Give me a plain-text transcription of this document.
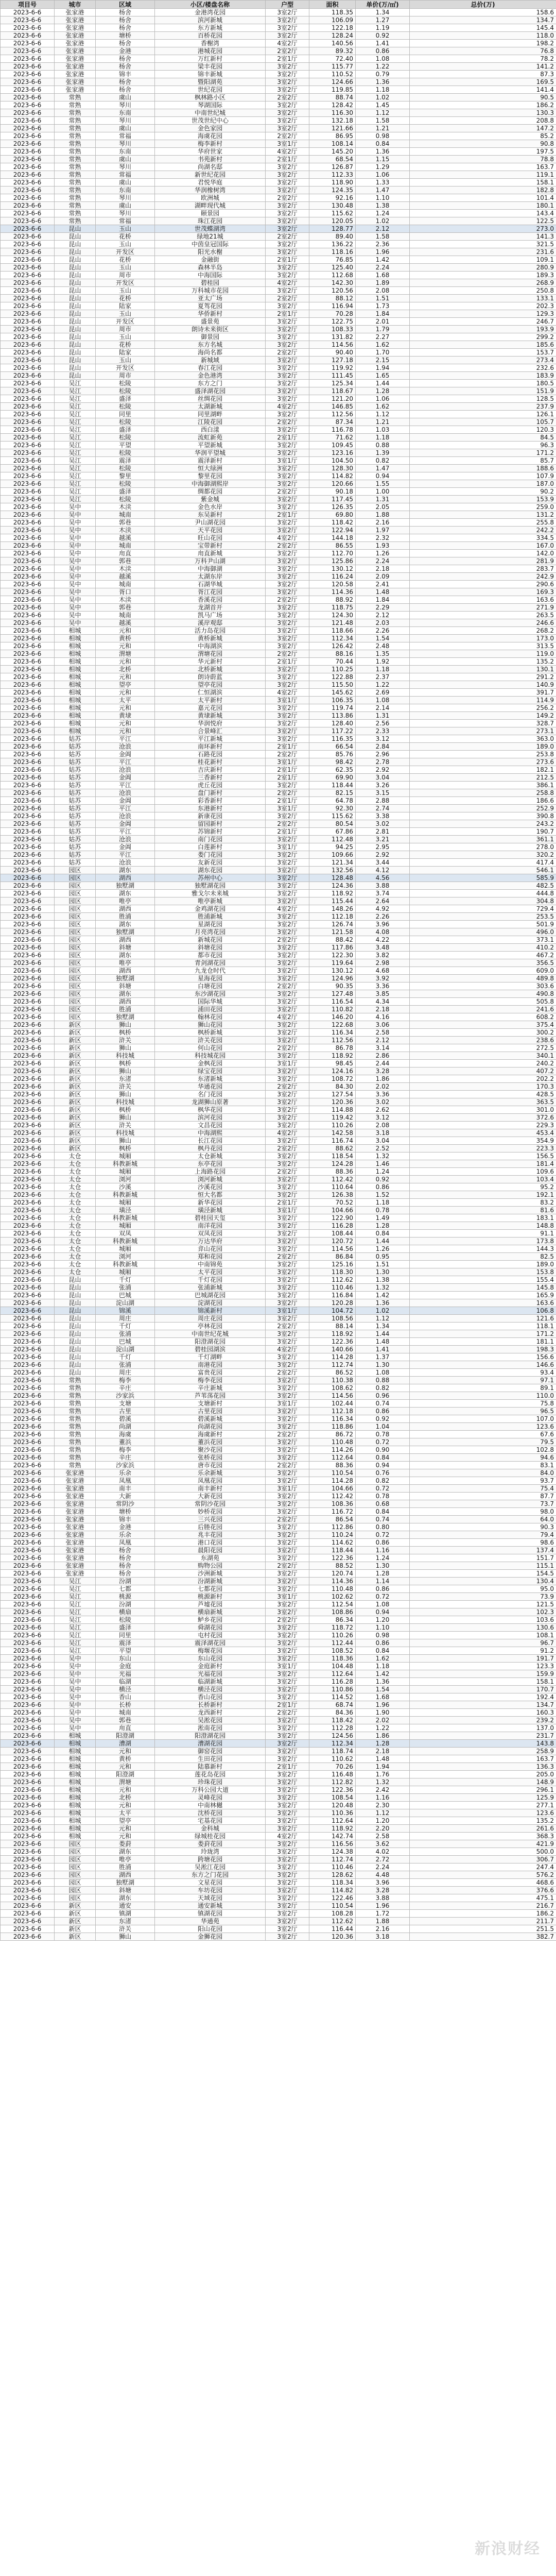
项目号	城市	区域	小区/楼盘名称	户型	面积	单价(万/㎡)	总价(万)
2023-6-6	张家港	杨舍	金港湾花园	3室2厅	118.35	1.34	158.6
2023-6-6	张家港	杨舍	滨河新城	3室2厅	106.09	1.27	134.7
2023-6-6	张家港	杨舍	东方新城	3室2厅	122.18	1.19	145.4
2023-6-6	张家港	塘桥	百桥花园	3室2厅	128.24	0.92	118.0
2023-6-6	张家港	杨舍	香榭湾	4室2厅	140.56	1.41	198.2
2023-6-6	张家港	金港	港城花园	2室2厅	89.32	0.86	76.8
2023-6-6	张家港	杨舍	万红新村	2室1厅	72.40	1.08	78.2
2023-6-6	张家港	杨舍	梁丰花园	3室2厅	115.77	1.22	141.2
2023-6-6	张家港	锦丰	锦丰新城	3室2厅	110.52	0.79	87.3
2023-6-6	张家港	杨舍	暨阳湖苑	3室2厅	124.66	1.36	169.5
2023-6-6	张家港	杨舍	世纪花园	3室2厅	119.85	1.18	141.4
2023-6-6	常熟	虞山	枫林路小区	2室2厅	88.74	1.02	90.5
2023-6-6	常熟	琴川	琴湖国际	3室2厅	128.42	1.45	186.2
2023-6-6	常熟	东南	中南世纪城	3室2厅	116.30	1.12	130.3
2023-6-6	常熟	琴川	世茂世纪中心	3室2厅	132.18	1.58	208.8
2023-6-6	常熟	虞山	金色家园	3室2厅	121.66	1.21	147.2
2023-6-6	常熟	常福	海虞花园	2室2厅	86.95	0.98	85.2
2023-6-6	常熟	琴川	梅李新村	3室1厅	108.14	0.84	90.8
2023-6-6	常熟	东南	华府世家	4室2厅	145.20	1.36	197.5
2023-6-6	常熟	虞山	书苑新村	2室1厅	68.54	1.15	78.8
2023-6-6	常熟	琴川	尚湖名邸	3室2厅	126.87	1.29	163.7
2023-6-6	常熟	常福	新世纪花园	3室2厅	112.33	1.06	119.1
2023-6-6	常熟	虞山	君悦华庭	3室2厅	118.90	1.33	158.1
2023-6-6	常熟	东南	华润橡树湾	3室2厅	124.35	1.47	182.8
2023-6-6	常熟	琴川	欧洲城	2室2厅	92.16	1.10	101.4
2023-6-6	常熟	虞山	湖畔现代城	3室2厅	130.48	1.38	180.1
2023-6-6	常熟	琴川	颐景园	3室2厅	115.62	1.24	143.4
2023-6-6	常熟	常福	珠江花园	3室2厅	120.05	1.02	122.5
2023-6-6	昆山	玉山	世茂蝶湖湾	3室2厅	128.77	2.12	273.0
2023-6-6	昆山	花桥	绿地21城	2室2厅	89.40	1.58	141.3
2023-6-6	昆山	玉山	中茵皇冠国际	3室2厅	136.22	2.36	321.5
2023-6-6	昆山	开发区	阳光水榭	3室2厅	118.16	1.96	231.6
2023-6-6	昆山	花桥	金融街	2室1厅	76.85	1.42	109.1
2023-6-6	昆山	玉山	森林半岛	3室2厅	125.40	2.24	280.9
2023-6-6	昆山	周市	中海国际	3室2厅	112.68	1.68	189.3
2023-6-6	昆山	开发区	碧桂园	4室2厅	142.30	1.89	268.9
2023-6-6	昆山	玉山	万科城市花园	3室2厅	120.56	2.08	250.8
2023-6-6	昆山	花桥	亚太广场	2室2厅	88.12	1.51	133.1
2023-6-6	昆山	陆家	夏驾花园	3室2厅	116.94	1.73	202.3
2023-6-6	昆山	玉山	华侨新村	2室1厅	70.28	1.84	129.3
2023-6-6	昆山	开发区	盛景苑	3室2厅	122.75	2.01	246.7
2023-6-6	昆山	周市	朗诗未来街区	3室2厅	108.33	1.79	193.9
2023-6-6	昆山	玉山	御景园	3室2厅	131.82	2.27	299.2
2023-6-6	昆山	花桥	东方名城	3室2厅	114.56	1.62	185.6
2023-6-6	昆山	陆家	海尚名都	2室2厅	90.40	1.70	153.7
2023-6-6	昆山	玉山	新城域	3室2厅	127.18	2.15	273.4
2023-6-6	昆山	开发区	春江花园	3室2厅	119.92	1.94	232.6
2023-6-6	昆山	周市	金色港湾	3室2厅	111.45	1.65	183.9
2023-6-6	吴江	松陵	东方之门	3室2厅	125.34	1.44	180.5
2023-6-6	吴江	松陵	盛泽湖花园	3室2厅	118.67	1.28	151.9
2023-6-6	吴江	盛泽	丝绸花园	3室2厅	121.20	1.06	128.5
2023-6-6	吴江	松陵	太湖新城	4室2厅	146.85	1.62	237.9
2023-6-6	吴江	同里	同里湖畔	3室2厅	112.56	1.12	126.1
2023-6-6	吴江	松陵	江陵花园	2室2厅	87.34	1.21	105.7
2023-6-6	吴江	盛泽	西白漾	3室2厅	116.78	1.03	120.3
2023-6-6	吴江	松陵	流虹新苑	2室1厅	71.62	1.18	84.5
2023-6-6	吴江	平望	平望新城	3室2厅	109.45	0.88	96.3
2023-6-6	吴江	松陵	华润平望城	3室2厅	123.16	1.39	171.2
2023-6-6	吴江	震泽	震泽新村	3室1厅	104.50	0.82	85.7
2023-6-6	吴江	松陵	恒大绿洲	3室2厅	128.30	1.47	188.6
2023-6-6	吴江	黎里	黎里花园	3室2厅	114.82	0.94	107.9
2023-6-6	吴江	松陵	中海御湖熙岸	3室2厅	120.66	1.55	187.0
2023-6-6	吴江	盛泽	绸都花园	2室2厅	90.18	1.00	90.2
2023-6-6	吴江	松陵	紫金城	3室2厅	117.45	1.31	153.9
2023-6-6	吴中	木渎	金色水岸	3室2厅	126.35	2.05	259.0
2023-6-6	吴中	城南	东吴新村	2室1厅	69.80	1.88	131.2
2023-6-6	吴中	郭巷	尹山湖花园	3室2厅	118.42	2.16	255.8
2023-6-6	吴中	木渎	天平花园	3室2厅	122.94	1.97	242.2
2023-6-6	吴中	越溪	旺山花园	4室2厅	144.18	2.32	334.5
2023-6-6	吴中	城南	宝带新村	2室2厅	86.55	1.93	167.0
2023-6-6	吴中	甪直	甪直新城	3室2厅	112.70	1.26	142.0
2023-6-6	吴中	郭巷	万科尹山湖	3室2厅	125.86	2.24	281.9
2023-6-6	吴中	木渎	中海御湖	3室2厅	130.12	2.18	283.7
2023-6-6	吴中	越溪	太湖东岸	3室2厅	116.24	2.09	242.9
2023-6-6	吴中	城南	石湖华城	3室2厅	120.58	2.41	290.6
2023-6-6	吴中	胥口	胥江花园	3室2厅	114.36	1.48	169.3
2023-6-6	吴中	木渎	香溪花园	2室2厅	88.92	1.84	163.6
2023-6-6	吴中	郭巷	龙湖首开	3室2厅	118.75	2.29	271.9
2023-6-6	吴中	城南	凯马广场	3室2厅	124.30	2.12	263.5
2023-6-6	吴中	越溪	溪岸观邸	3室2厅	121.48	2.03	246.6
2023-6-6	相城	元和	活力岛花园	3室2厅	118.66	2.26	268.2
2023-6-6	相城	黄桥	黄桥新城	3室2厅	112.34	1.54	173.0
2023-6-6	相城	元和	中海湖滨	3室2厅	126.42	2.48	313.5
2023-6-6	相城	渭塘	渭塘花园	2室2厅	88.16	1.35	119.0
2023-6-6	相城	元和	华元新村	2室1厅	70.44	1.92	135.2
2023-6-6	相城	北桥	北桥新城	3室2厅	110.25	1.18	130.1
2023-6-6	相城	元和	朗诗蔚蓝	3室2厅	122.88	2.37	291.2
2023-6-6	相城	望亭	望亭花园	3室2厅	115.50	1.22	140.9
2023-6-6	相城	元和	仁恒湖滨	4室2厅	145.62	2.69	391.7
2023-6-6	相城	太平	太平新村	3室1厅	106.35	1.08	114.9
2023-6-6	相城	元和	嘉元花园	3室2厅	119.74	2.14	256.2
2023-6-6	相城	黄埭	黄埭新城	3室2厅	113.86	1.31	149.2
2023-6-6	相城	元和	华润悦府	3室2厅	128.40	2.56	328.7
2023-6-6	相城	元和	合景峰汇	3室2厅	117.22	2.33	273.1
2023-6-6	姑苏	平江	平江新城	3室2厅	116.35	3.12	363.0
2023-6-6	姑苏	沧浪	南环新村	2室1厅	66.54	2.84	189.0
2023-6-6	姑苏	金阊	石路花园	2室2厅	85.76	2.96	253.8
2023-6-6	姑苏	平江	桂花新村	3室1厅	98.42	2.78	273.6
2023-6-6	姑苏	沧浪	吉庆新村	2室1厅	62.35	2.92	182.1
2023-6-6	姑苏	金阊	三香新村	2室1厅	69.90	3.04	212.5
2023-6-6	姑苏	平江	虎丘花园	3室2厅	118.44	3.26	386.1
2023-6-6	姑苏	沧浪	盘门新村	2室2厅	82.15	3.15	258.8
2023-6-6	姑苏	金阊	彩香新村	2室1厅	64.78	2.88	186.6
2023-6-6	姑苏	平江	东港新村	3室1厅	92.30	2.74	252.9
2023-6-6	姑苏	沧浪	新康花园	3室2厅	115.62	3.38	390.8
2023-6-6	姑苏	金阊	留园新村	2室2厅	80.54	3.02	243.2
2023-6-6	姑苏	平江	苏锦新村	2室1厅	67.86	2.81	190.7
2023-6-6	姑苏	沧浪	南门花园	3室2厅	112.48	3.21	361.1
2023-6-6	姑苏	金阊	白莲新村	3室1厅	94.25	2.95	278.0
2023-6-6	姑苏	平江	娄门花园	3室2厅	109.66	2.92	320.2
2023-6-6	姑苏	沧浪	友新花园	3室2厅	121.34	3.44	417.4
2023-6-6	园区	湖东	湖东花园	3室2厅	132.56	4.12	546.1
2023-6-6	园区	湖西	苏州中心	3室2厅	128.48	4.56	585.9
2023-6-6	园区	独墅湖	独墅湖花园	3室2厅	124.36	3.88	482.5
2023-6-6	园区	湖东	雅戈尔未来城	3室2厅	118.92	3.74	444.8
2023-6-6	园区	唯亭	唯亭新城	3室2厅	115.44	2.64	304.8
2023-6-6	园区	湖西	金鸡湖花园	4室2厅	148.26	4.92	729.4
2023-6-6	园区	胜浦	胜浦新城	3室2厅	112.18	2.26	253.5
2023-6-6	园区	湖东	星湖花园	3室2厅	126.74	3.96	501.9
2023-6-6	园区	独墅湖	月亮湾花园	3室2厅	121.58	4.08	496.0
2023-6-6	园区	湖西	新城花园	2室2厅	88.42	4.22	373.1
2023-6-6	园区	斜塘	斜塘花园	3室2厅	117.86	3.48	410.2
2023-6-6	园区	湖东	都市花园	3室2厅	122.30	3.82	467.2
2023-6-6	园区	唯亭	青剑湖花园	3室2厅	119.64	2.98	356.5
2023-6-6	园区	湖西	九龙仓时代	3室2厅	130.12	4.68	609.0
2023-6-6	园区	独墅湖	星海花园	3室2厅	124.96	3.92	489.8
2023-6-6	园区	斜塘	白塘花园	2室2厅	90.35	3.36	303.6
2023-6-6	园区	湖东	东沙湖花园	3室2厅	127.48	3.85	490.8
2023-6-6	园区	湖西	国际华城	3室2厅	116.54	4.34	505.8
2023-6-6	园区	胜浦	浦田花园	3室2厅	110.82	2.18	241.6
2023-6-6	园区	独墅湖	翰林花园	4室2厅	146.20	4.16	608.2
2023-6-6	新区	狮山	狮山花园	3室2厅	122.68	3.06	375.4
2023-6-6	新区	枫桥	枫桥新城	3室2厅	116.34	2.58	300.2
2023-6-6	新区	浒关	浒关花园	3室2厅	112.56	2.12	238.6
2023-6-6	新区	狮山	何山花园	2室2厅	86.78	3.14	272.5
2023-6-6	新区	科技城	科技城花园	3室2厅	118.92	2.86	340.1
2023-6-6	新区	枫桥	金枫花园	3室1厅	98.45	2.44	240.2
2023-6-6	新区	狮山	绿宝花园	3室2厅	124.16	3.28	407.2
2023-6-6	新区	东渚	东渚新城	3室2厅	108.72	1.86	202.2
2023-6-6	新区	浒关	华通花园	2室2厅	84.30	2.02	170.3
2023-6-6	新区	狮山	名门花园	3室2厅	127.54	3.36	428.5
2023-6-6	新区	科技城	龙湖狮山原著	3室2厅	120.36	3.02	363.5
2023-6-6	新区	枫桥	枫华花园	3室2厅	114.88	2.62	301.0
2023-6-6	新区	狮山	滨河花园	3室2厅	119.42	3.12	372.6
2023-6-6	新区	浒关	文昌花园	3室2厅	110.26	2.08	229.3
2023-6-6	新区	科技城	中海湖熙	4室2厅	142.58	3.18	453.4
2023-6-6	新区	狮山	长江花园	3室2厅	116.74	3.04	354.9
2023-6-6	新区	枫桥	枫丹花园	2室2厅	88.62	2.52	223.3
2023-6-6	太仓	城厢	太仓新城	3室2厅	118.54	1.32	156.5
2023-6-6	太仓	科教新城	东亭花园	3室2厅	124.28	1.46	181.4
2023-6-6	太仓	城厢	上海路花园	2室2厅	88.36	1.24	109.6
2023-6-6	太仓	浏河	浏河新城	3室2厅	112.42	0.92	103.4
2023-6-6	太仓	沙溪	沙溪花园	3室2厅	110.64	0.86	95.2
2023-6-6	太仓	科教新城	恒大名都	3室2厅	126.38	1.52	192.1
2023-6-6	太仓	城厢	新华花园	2室1厅	70.52	1.18	83.2
2023-6-6	太仓	璜泾	璜泾新城	3室1厅	104.66	0.78	81.6
2023-6-6	太仓	科教新城	碧桂园天玺	3室2厅	122.90	1.49	183.1
2023-6-6	太仓	城厢	南洋花园	3室2厅	116.28	1.28	148.8
2023-6-6	太仓	双凤	双凤花园	3室2厅	108.44	0.84	91.1
2023-6-6	太仓	科教新城	万达华府	3室2厅	120.72	1.44	173.8
2023-6-6	太仓	城厢	弇山花园	3室2厅	114.56	1.26	144.3
2023-6-6	太仓	浏河	郑和花园	2室2厅	86.84	0.95	82.5
2023-6-6	太仓	科教新城	中南锦苑	3室2厅	125.16	1.51	189.0
2023-6-6	太仓	城厢	太平花园	3室2厅	118.30	1.30	153.8
2023-6-6	昆山	千灯	千灯花园	3室2厅	112.62	1.38	155.4
2023-6-6	昆山	张浦	张浦新城	3室2厅	110.46	1.32	145.8
2023-6-6	昆山	巴城	巴城湖花园	3室2厅	116.84	1.42	165.9
2023-6-6	昆山	淀山湖	淀湖花园	3室2厅	120.28	1.36	163.6
2023-6-6	昆山	锦溪	锦溪新村	3室1厅	104.72	1.02	106.8
2023-6-6	昆山	周庄	周庄花园	3室2厅	108.56	1.12	121.6
2023-6-6	昆山	千灯	亭林花园	2室2厅	88.14	1.34	118.1
2023-6-6	昆山	张浦	中南世纪花城	3室2厅	118.92	1.44	171.2
2023-6-6	昆山	巴城	阳澄湖花园	3室2厅	122.36	1.48	181.1
2023-6-6	昆山	淀山湖	碧桂园湖滨	4室2厅	140.66	1.41	198.3
2023-6-6	昆山	千灯	千灯湖畔	3室2厅	114.28	1.37	156.6
2023-6-6	昆山	张浦	南港花园	3室2厅	112.74	1.30	146.6
2023-6-6	昆山	周庄	富贵花园	2室2厅	86.52	1.08	93.4
2023-6-6	常熟	梅李	梅李花园	3室2厅	110.38	0.88	97.1
2023-6-6	常熟	辛庄	辛庄新城	3室2厅	108.62	0.82	89.1
2023-6-6	常熟	沙家浜	芦苇荡花园	3室2厅	114.56	0.96	110.0
2023-6-6	常熟	支塘	支塘新村	3室1厅	102.44	0.74	75.8
2023-6-6	常熟	古里	古里花园	3室2厅	112.18	0.86	96.5
2023-6-6	常熟	碧溪	碧溪新城	3室2厅	116.34	0.92	107.0
2023-6-6	常熟	尚湖	尚湖花园	3室2厅	118.86	1.04	123.6
2023-6-6	常熟	海虞	海虞新村	2室2厅	86.72	0.78	67.6
2023-6-6	常熟	董浜	董浜花园	3室2厅	110.48	0.72	79.5
2023-6-6	常熟	梅李	聚沙花园	3室2厅	114.26	0.90	102.8
2023-6-6	常熟	辛庄	张桥花园	3室2厅	112.64	0.84	94.6
2023-6-6	常熟	沙家浜	唐市花园	2室2厅	88.36	0.94	83.1
2023-6-6	张家港	乐余	乐余新城	3室2厅	110.54	0.76	84.0
2023-6-6	张家港	凤凰	凤凰花园	3室2厅	114.28	0.82	93.7
2023-6-6	张家港	南丰	南丰新村	3室1厅	104.66	0.72	75.4
2023-6-6	张家港	大新	大新花园	3室2厅	112.42	0.78	87.7
2023-6-6	张家港	常阴沙	常阴沙花园	3室2厅	108.36	0.68	73.7
2023-6-6	张家港	塘桥	妙桥花园	3室2厅	116.72	0.84	98.0
2023-6-6	张家港	锦丰	三兴花园	2室2厅	86.54	0.74	64.0
2023-6-6	张家港	金港	后塍花园	3室2厅	112.86	0.80	90.3
2023-6-6	张家港	乐余	兆丰花园	3室2厅	110.24	0.72	79.4
2023-6-6	张家港	凤凰	港口花园	3室2厅	114.62	0.86	98.6
2023-6-6	张家港	杨舍	晨阳花园	3室2厅	118.44	1.16	137.4
2023-6-6	张家港	杨舍	东湖苑	3室2厅	122.36	1.24	151.7
2023-6-6	张家港	杨舍	购物公园	2室2厅	88.52	1.30	115.1
2023-6-6	张家港	杨舍	沙洲新城	3室2厅	120.74	1.28	154.5
2023-6-6	吴江	汾湖	汾湖新城	3室2厅	114.36	1.14	130.4
2023-6-6	吴江	七都	七都花园	3室2厅	110.48	0.86	95.0
2023-6-6	吴江	桃源	桃源新村	3室1厅	102.62	0.72	73.9
2023-6-6	吴江	汾湖	芦墟花园	3室2厅	112.54	1.08	121.5
2023-6-6	吴江	横扇	横扇新城	3室2厅	108.86	0.94	102.3
2023-6-6	吴江	松陵	鲈乡花园	2室2厅	86.34	1.20	103.6
2023-6-6	吴江	盛泽	舜湖花园	3室2厅	118.72	1.10	130.6
2023-6-6	吴江	同里	屯村花园	3室2厅	110.26	0.98	108.1
2023-6-6	吴江	震泽	震泽湖花园	3室2厅	112.44	0.86	96.7
2023-6-6	吴江	平望	梅堰花园	3室2厅	108.52	0.84	91.2
2023-6-6	吴中	东山	东山花园	3室2厅	118.36	1.62	191.7
2023-6-6	吴中	金庭	金庭新村	3室1厅	104.48	1.18	123.3
2023-6-6	吴中	光福	光福花园	3室2厅	112.64	1.42	159.9
2023-6-6	吴中	临湖	临湖新城	3室2厅	116.28	1.36	158.1
2023-6-6	吴中	横泾	横泾花园	3室2厅	110.86	1.54	170.7
2023-6-6	吴中	香山	香山花园	3室2厅	114.52	1.68	192.4
2023-6-6	吴中	长桥	长桥新村	2室1厅	68.74	1.96	134.7
2023-6-6	吴中	城南	龙西新村	2室2厅	84.36	1.90	160.3
2023-6-6	吴中	郭巷	吴淞花园	3室2厅	118.42	2.02	239.2
2023-6-6	吴中	甪直	淞南花园	3室2厅	112.28	1.22	137.0
2023-6-6	相城	阳澄湖	阳澄湖花园	3室2厅	124.56	1.86	231.7
2023-6-6	相城	漕湖	漕湖花园	3室2厅	112.34	1.28	143.8
2023-6-6	相城	元和	御窑花园	3室2厅	118.74	2.18	258.9
2023-6-6	相城	黄桥	生田花园	3室2厅	110.62	1.48	163.7
2023-6-6	相城	元和	陆慕新村	2室1厅	70.26	1.94	136.3
2023-6-6	相城	阳澄湖	莲花岛花园	3室2厅	116.48	1.76	205.0
2023-6-6	相城	渭塘	珍珠花园	3室2厅	112.82	1.32	148.9
2023-6-6	相城	元和	万科公园大道	3室2厅	122.36	2.42	296.1
2023-6-6	相城	北桥	灵峰花园	3室2厅	108.54	1.16	125.9
2023-6-6	相城	元和	中南林樾	3室2厅	120.48	2.30	277.1
2023-6-6	相城	太平	沈桥花园	3室2厅	110.36	1.12	123.6
2023-6-6	相城	望亭	宅基花园	3室2厅	112.64	1.20	135.2
2023-6-6	相城	元和	金科城	3室2厅	118.92	2.20	261.6
2023-6-6	相城	元和	绿城桂花园	4室2厅	142.74	2.58	368.3
2023-6-6	园区	娄葑	娄葑花园	3室2厅	116.56	3.62	421.9
2023-6-6	园区	湖东	玲珑湾	3室2厅	124.38	4.02	500.0
2023-6-6	园区	唯亭	跨塘花园	3室2厅	112.74	2.72	306.7
2023-6-6	园区	胜浦	吴淞江花园	3室2厅	110.46	2.24	247.4
2023-6-6	园区	湖西	东方之门花园	3室2厅	128.62	4.48	576.2
2023-6-6	园区	独墅湖	文星花园	3室2厅	118.34	3.96	468.6
2023-6-6	园区	斜塘	车坊花园	3室2厅	114.82	3.28	376.6
2023-6-6	园区	湖东	天域花园	3室2厅	122.46	3.88	475.1
2023-6-6	新区	通安	通安新城	3室2厅	110.54	1.96	216.7
2023-6-6	新区	镇湖	镇湖花园	3室2厅	108.28	1.72	186.2
2023-6-6	新区	东渚	华通苑	3室2厅	112.62	1.88	211.7
2023-6-6	新区	浒关	阳山花园	3室2厅	116.44	2.16	251.5
2023-6-6	新区	狮山	金狮花园	3室2厅	120.36	3.18	382.7
新浪财经
